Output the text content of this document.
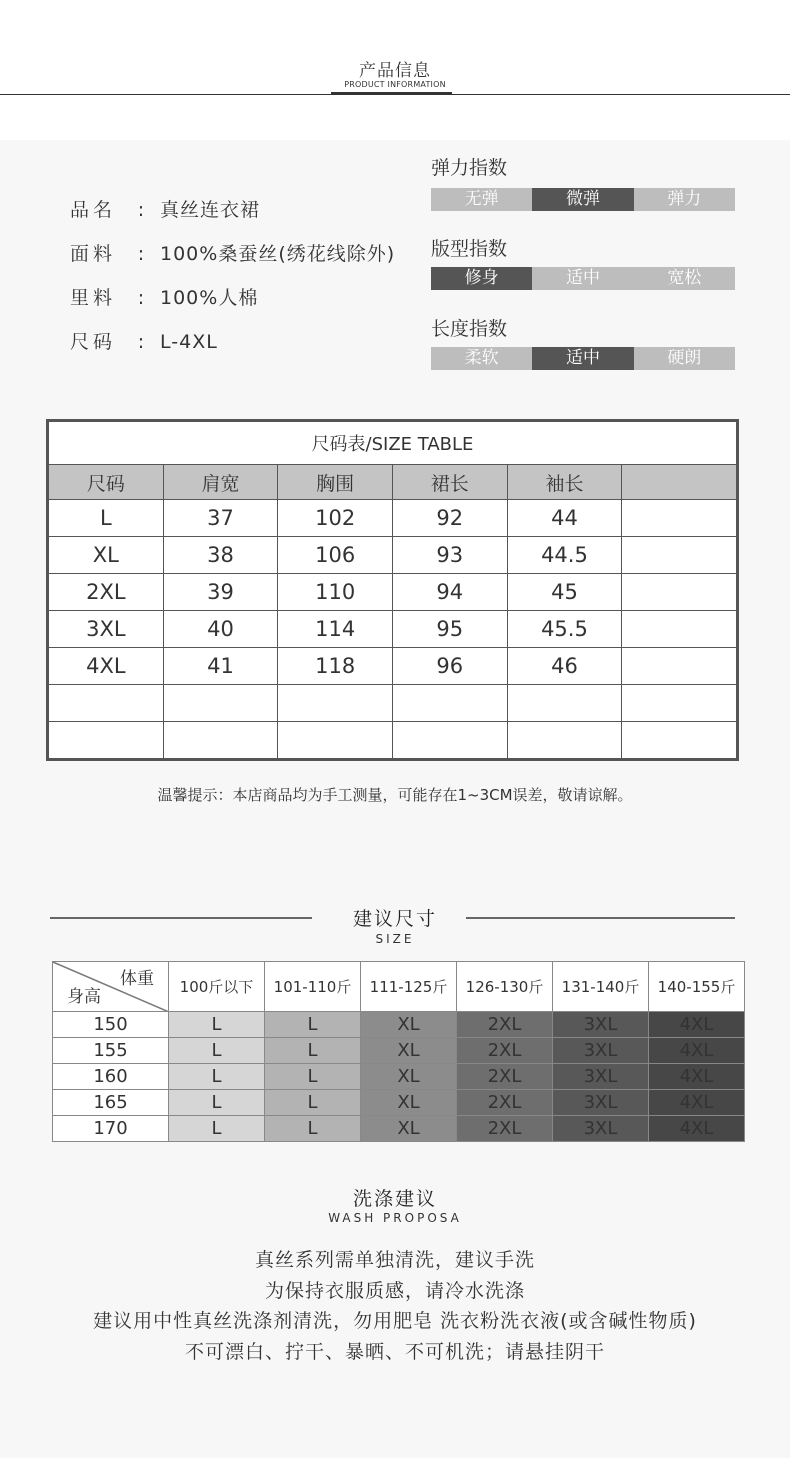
产品信息
PRODUCT INFORMATION
品名 : 真丝连衣裙
面料 : 100%桑蚕丝(绣花线除外)
里料 : 100%人棉
尺码 : L-4XL
弹力指数
无弹	微弹	弹力
版型指数
修身	适中	宽松
长度指数
柔软	适中	硬朗
尺码表/SIZE TABLE					
尺码	肩宽	胸围	裙长	袖长	
L	37	102	92	44	
XL	38	106	93	44.5	
2XL	39	110	94	45	
3XL	40	114	95	45.5	
4XL	41	118	96	46	

温馨提示：本店商品均为手工测量，可能存在1~3CM误差，敬请谅解。
建议尺寸
SIZE
体重
身高	100斤以下	101-110斤	111-125斤	126-130斤	131-140斤	140-155斤
150	L	L	XL	2XL	3XL	4XL
155	L	L	XL	2XL	3XL	4XL
160	L	L	XL	2XL	3XL	4XL
165	L	L	XL	2XL	3XL	4XL
170	L	L	XL	2XL	3XL	4XL
洗涤建议
WASH PROPOSA
真丝系列需单独清洗，建议手洗
为保持衣服质感，请冷水洗涤
建议用中性真丝洗涤剂清洗，勿用肥皂 洗衣粉洗衣液(或含碱性物质)
不可漂白、拧干、暴晒、不可机洗；请悬挂阴干
